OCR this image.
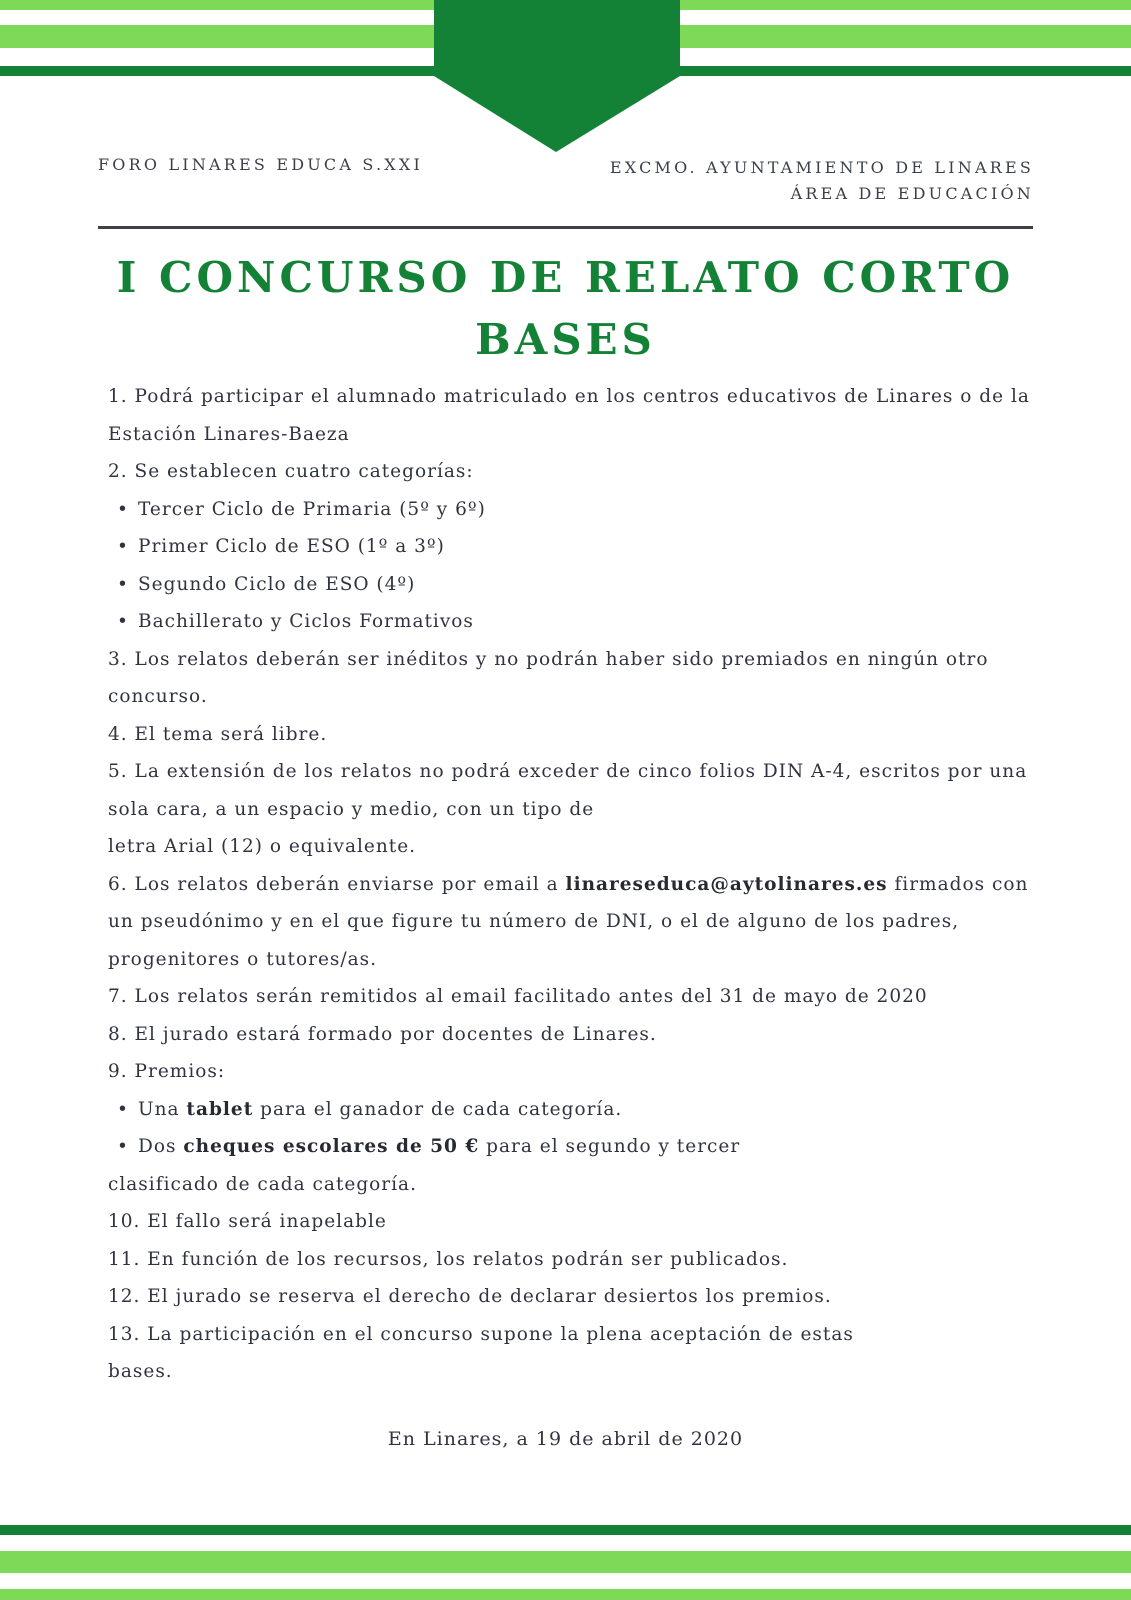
FORO LINARES EDUCA S.XXI	EXCMO. AYUNTAMIENTO DE LINARES
ÁREA DE EDUCACIÓN
I CONCURSO DE RELATO CORTO
BASES

1. Podrá participar el alumnado matriculado en los centros educativos de Linares o de la Estación Linares-Baeza

2. Se establecen cuatro categorías:

• Tercer Ciclo de Primaria (5º y 6º)

• Primer Ciclo de ESO (1º a 3º)

• Segundo Ciclo de ESO (4º)

• Bachillerato y Ciclos Formativos

3. Los relatos deberán ser inéditos y no podrán haber sido premiados en ningún otro concurso.

4. El tema será libre.

5. La extensión de los relatos no podrá exceder de cinco folios DIN A-4, escritos por una sola cara, a un espacio y medio, con un tipo de

letra Arial (12) o equivalente.

6. Los relatos deberán enviarse por email a linareseduca@aytolinares.es firmados con un pseudónimo y en el que figure tu número de DNI, o el de alguno de los padres, progenitores o tutores/as.

7. Los relatos serán remitidos al email facilitado antes del 31 de mayo de 2020

8. El jurado estará formado por docentes de Linares.

9. Premios:

• Una tablet para el ganador de cada categoría.

• Dos cheques escolares de 50 € para el segundo y tercer

clasificado de cada categoría.

10. El fallo será inapelable

11. En función de los recursos, los relatos podrán ser publicados.

12. El jurado se reserva el derecho de declarar desiertos los premios.

13. La participación en el concurso supone la plena aceptación de estas

bases.

En Linares, a 19 de abril de 2020
